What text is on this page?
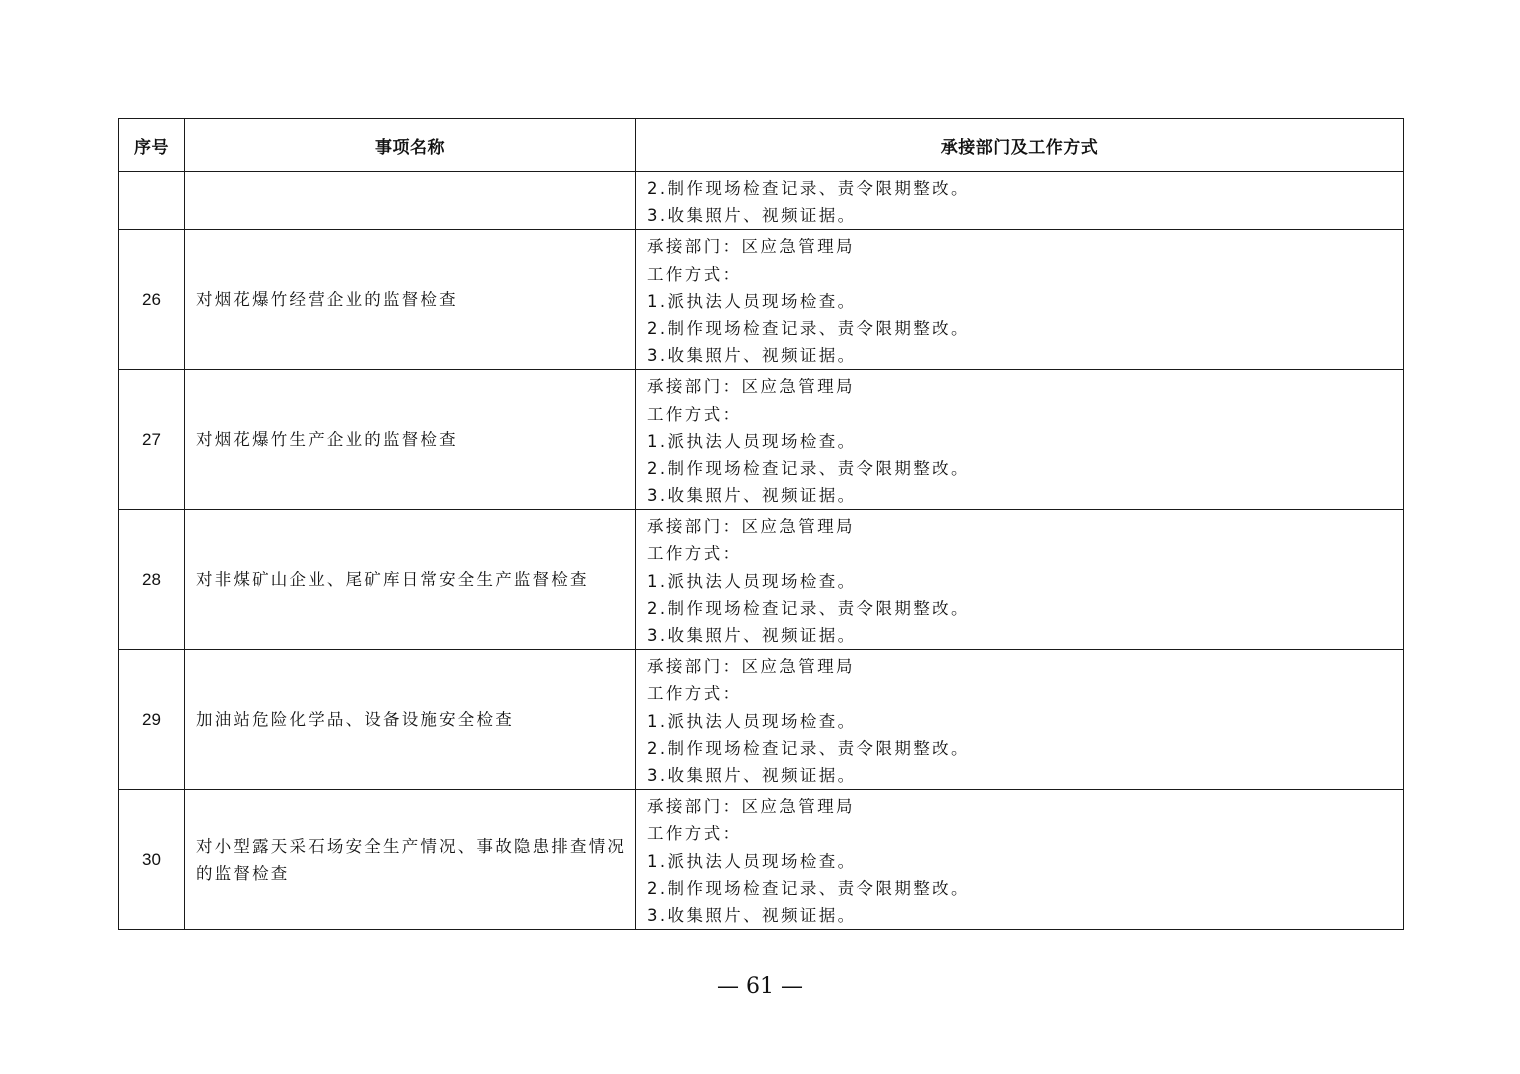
序号	事项名称	承接部门及工作方式

		2.制作现场检查记录、责令限期整改。
3.收集照片、视频证据。

26	对烟花爆竹经营企业的监督检查	承接部门：区应急管理局
工作方式：
1.派执法人员现场检查。
2.制作现场检查记录、责令限期整改。
3.收集照片、视频证据。

27	对烟花爆竹生产企业的监督检查	承接部门：区应急管理局
工作方式：
1.派执法人员现场检查。
2.制作现场检查记录、责令限期整改。
3.收集照片、视频证据。

28	对非煤矿山企业、尾矿库日常安全生产监督检查	承接部门：区应急管理局
工作方式：
1.派执法人员现场检查。
2.制作现场检查记录、责令限期整改。
3.收集照片、视频证据。

29	加油站危险化学品、设备设施安全检查	承接部门：区应急管理局
工作方式：
1.派执法人员现场检查。
2.制作现场检查记录、责令限期整改。
3.收集照片、视频证据。

30	对小型露天采石场安全生产情况、事故隐患排查情况的监督检查	承接部门：区应急管理局
工作方式：
1.派执法人员现场检查。
2.制作现场检查记录、责令限期整改。
3.收集照片、视频证据。
— 61 —
